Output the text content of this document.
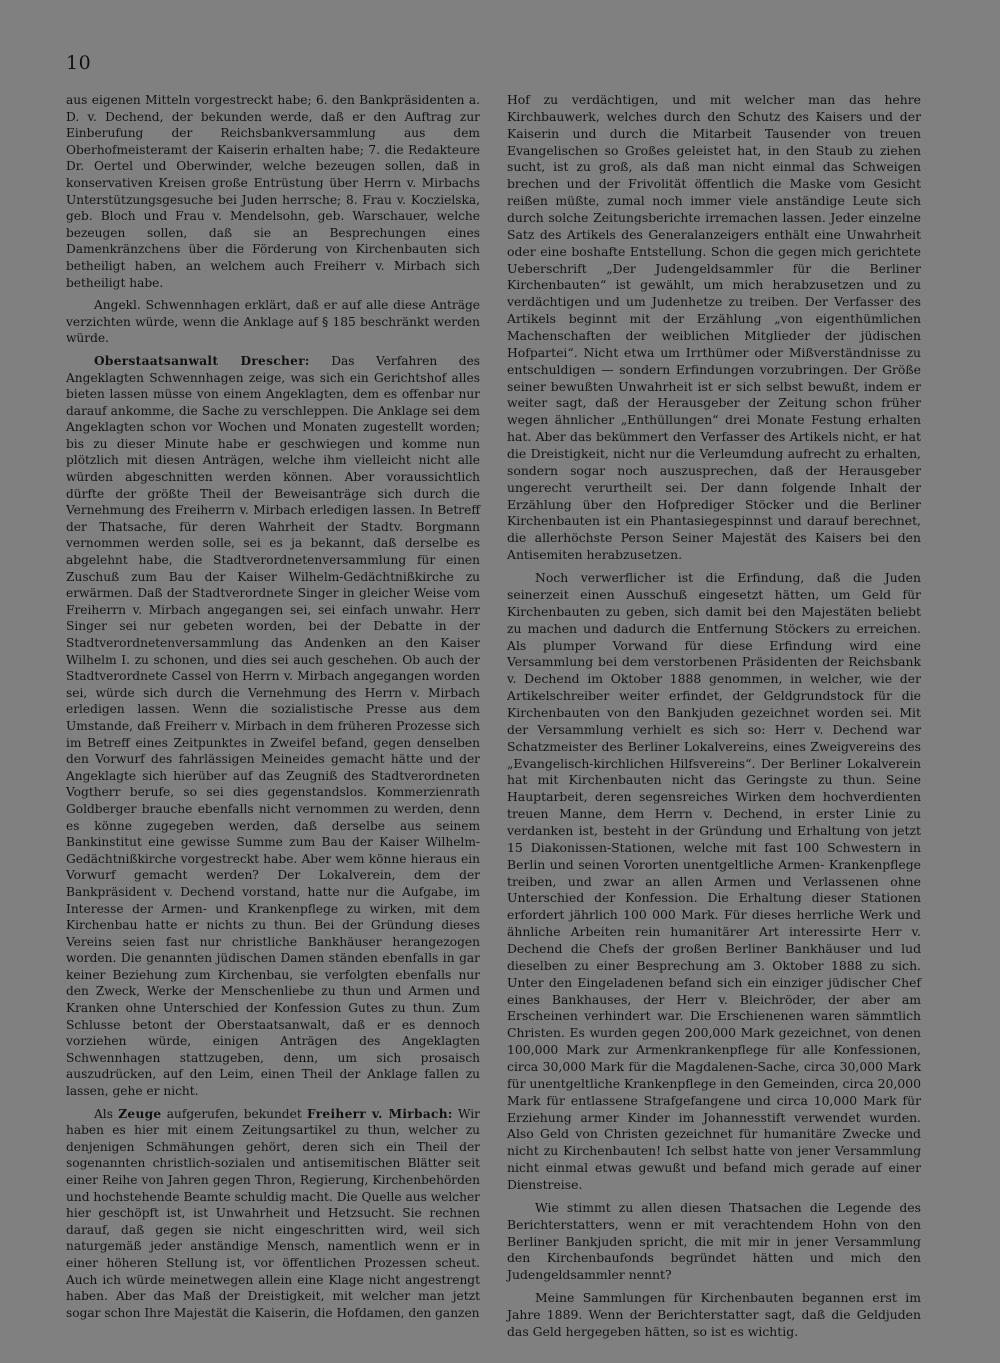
10

aus eigenen Mitteln vorgestreckt habe; 6. den Bankpräsidenten a. D. v. Dechend, der bekunden werde, daß er den Auftrag zur Einberufung der Reichsbankversammlung aus dem Oberhofmeisteramt der Kaiserin erhalten habe; 7. die Redakteure Dr. Oertel und Oberwinder, welche bezeugen sollen, daß in konservativen Kreisen große Entrüstung über Herrn v. Mirbachs Unterstützungsgesuche bei Juden herrsche; 8. Frau v. Koczielska, geb. Bloch und Frau v. Mendelsohn, geb. Warschauer, welche bezeugen sollen, daß sie an Besprechungen eines Damenkränzchens über die Förderung von Kirchenbauten sich betheiligt haben, an welchem auch Freiherr v. Mirbach sich betheiligt habe.

Angekl. Schwennhagen erklärt, daß er auf alle diese Anträge verzichten würde, wenn die Anklage auf § 185 beschränkt werden würde.

Oberstaatsanwalt Drescher: Das Verfahren des Angeklagten Schwennhagen zeige, was sich ein Gerichtshof alles bieten lassen müsse von einem Angeklagten, dem es offenbar nur darauf ankomme, die Sache zu verschleppen. Die Anklage sei dem Angeklagten schon vor Wochen und Monaten zugestellt worden; bis zu dieser Minute habe er geschwiegen und komme nun plötzlich mit diesen Anträgen, welche ihm vielleicht nicht alle würden abgeschnitten werden können. Aber voraussichtlich dürfte der größte Theil der Beweisanträge sich durch die Vernehmung des Freiherrn v. Mirbach erledigen lassen. In Betreff der Thatsache, für deren Wahrheit der Stadtv. Borgmann vernommen werden solle, sei es ja bekannt, daß derselbe es abgelehnt habe, die Stadtverordnetenversammlung für einen Zuschuß zum Bau der Kaiser Wilhelm-Gedächtnißkirche zu erwärmen. Daß der Stadtverordnete Singer in gleicher Weise vom Freiherrn v. Mirbach angegangen sei, sei einfach unwahr. Herr Singer sei nur gebeten worden, bei der Debatte in der Stadtverordnetenversammlung das Andenken an den Kaiser Wilhelm I. zu schonen, und dies sei auch geschehen. Ob auch der Stadtverordnete Cassel von Herrn v. Mirbach angegangen worden sei, würde sich durch die Vernehmung des Herrn v. Mirbach erledigen lassen. Wenn die sozialistische Presse aus dem Umstande, daß Freiherr v. Mirbach in dem früheren Prozesse sich im Betreff eines Zeitpunktes in Zweifel befand, gegen denselben den Vorwurf des fahrlässigen Meineides gemacht hätte und der Angeklagte sich hierüber auf das Zeugniß des Stadtverordneten Vogtherr berufe, so sei dies gegenstandslos. Kommerzienrath Goldberger brauche ebenfalls nicht vernommen zu werden, denn es könne zugegeben werden, daß derselbe aus seinem Bankinstitut eine gewisse Summe zum Bau der Kaiser Wilhelm-Gedächtnißkirche vorgestreckt habe. Aber wem könne hieraus ein Vorwurf gemacht werden? Der Lokalverein, dem der Bankpräsident v. Dechend vorstand, hatte nur die Aufgabe, im Interesse der Armen- und Krankenpflege zu wirken, mit dem Kirchenbau hatte er nichts zu thun. Bei der Gründung dieses Vereins seien fast nur christliche Bankhäuser herangezogen worden. Die genannten jüdischen Damen ständen ebenfalls in gar keiner Beziehung zum Kirchenbau, sie verfolgten ebenfalls nur den Zweck, Werke der Menschenliebe zu thun und Armen und Kranken ohne Unterschied der Konfession Gutes zu thun. Zum Schlusse betont der Oberstaatsanwalt, daß er es dennoch vorziehen würde, einigen Anträgen des Angeklagten Schwennhagen stattzugeben, denn, um sich prosaisch auszudrücken, auf den Leim, einen Theil der Anklage fallen zu lassen, gehe er nicht.

Als Zeuge aufgerufen, bekundet Freiherr v. Mirbach: Wir haben es hier mit einem Zeitungsartikel zu thun, welcher zu denjenigen Schmähungen gehört, deren sich ein Theil der sogenannten christlich-sozialen und antisemitischen Blätter seit einer Reihe von Jahren gegen Thron, Regierung, Kirchenbehörden und hochstehende Beamte schuldig macht. Die Quelle aus welcher hier geschöpft ist, ist Unwahrheit und Hetzsucht. Sie rechnen darauf, daß gegen sie nicht eingeschritten wird, weil sich naturgemäß jeder anständige Mensch, namentlich wenn er in einer höheren Stellung ist, vor öffentlichen Prozessen scheut. Auch ich würde meinetwegen allein eine Klage nicht angestrengt haben. Aber das Maß der Dreistigkeit, mit welcher man jetzt sogar schon Ihre Majestät die Kaiserin, die Hofdamen, den ganzen

Hof zu verdächtigen, und mit welcher man das hehre Kirchbauwerk, welches durch den Schutz des Kaisers und der Kaiserin und durch die Mitarbeit Tausender von treuen Evangelischen so Großes geleistet hat, in den Staub zu ziehen sucht, ist zu groß, als daß man nicht einmal das Schweigen brechen und der Frivolität öffentlich die Maske vom Gesicht reißen müßte, zumal noch immer viele anständige Leute sich durch solche Zeitungsberichte irremachen lassen. Jeder einzelne Satz des Artikels des Generalanzeigers enthält eine Unwahrheit oder eine boshafte Entstellung. Schon die gegen mich gerichtete Ueberschrift „Der Judengeldsammler für die Berliner Kirchenbauten“ ist gewählt, um mich herabzusetzen und zu verdächtigen und um Judenhetze zu treiben. Der Verfasser des Artikels beginnt mit der Erzählung „von eigenthümlichen Machenschaften der weiblichen Mitglieder der jüdischen Hofpartei“. Nicht etwa um Irrthümer oder Mißverständnisse zu entschuldigen — sondern Erfindungen vorzubringen. Der Größe seiner bewußten Unwahrheit ist er sich selbst bewußt, indem er weiter sagt, daß der Herausgeber der Zeitung schon früher wegen ähnlicher „Enthüllungen“ drei Monate Festung erhalten hat. Aber das bekümmert den Verfasser des Artikels nicht, er hat die Dreistigkeit, nicht nur die Verleumdung aufrecht zu erhalten, sondern sogar noch auszusprechen, daß der Herausgeber ungerecht verurtheilt sei. Der dann folgende Inhalt der Erzählung über den Hofprediger Stöcker und die Berliner Kirchenbauten ist ein Phantasiegespinnst und darauf berechnet, die allerhöchste Person Seiner Majestät des Kaisers bei den Antisemiten herabzusetzen.

Noch verwerflicher ist die Erfindung, daß die Juden seinerzeit einen Ausschuß eingesetzt hätten, um Geld für Kirchenbauten zu geben, sich damit bei den Majestäten beliebt zu machen und dadurch die Entfernung Stöckers zu erreichen. Als plumper Vorwand für diese Erfindung wird eine Versammlung bei dem verstorbenen Präsidenten der Reichsbank v. Dechend im Oktober 1888 genommen, in welcher, wie der Artikelschreiber weiter erfindet, der Geldgrundstock für die Kirchenbauten von den Bankjuden gezeichnet worden sei. Mit der Versammlung verhielt es sich so: Herr v. Dechend war Schatzmeister des Berliner Lokalvereins, eines Zweigvereins des „Evangelisch-kirchlichen Hilfsvereins“. Der Berliner Lokalverein hat mit Kirchenbauten nicht das Geringste zu thun. Seine Hauptarbeit, deren segensreiches Wirken dem hochverdienten treuen Manne, dem Herrn v. Dechend, in erster Linie zu verdanken ist, besteht in der Gründung und Erhaltung von jetzt 15 Diakonissen-Stationen, welche mit fast 100 Schwestern in Berlin und seinen Vororten unentgeltliche Armen- Krankenpflege treiben, und zwar an allen Armen und Verlassenen ohne Unterschied der Konfession. Die Erhaltung dieser Stationen erfordert jährlich 100 000 Mark. Für dieses herrliche Werk und ähnliche Arbeiten rein humanitärer Art interessirte Herr v. Dechend die Chefs der großen Berliner Bankhäuser und lud dieselben zu einer Besprechung am 3. Oktober 1888 zu sich. Unter den Eingeladenen befand sich ein einziger jüdischer Chef eines Bankhauses, der Herr v. Bleichröder, der aber am Erscheinen verhindert war. Die Erschienenen waren sämmtlich Christen. Es wurden gegen 200,000 Mark gezeichnet, von denen 100,000 Mark zur Armenkrankenpflege für alle Konfessionen, circa 30,000 Mark für die Magdalenen-Sache, circa 30,000 Mark für unentgeltliche Krankenpflege in den Gemeinden, circa 20,000 Mark für entlassene Strafgefangene und circa 10,000 Mark für Erziehung armer Kinder im Johannesstift verwendet wurden. Also Geld von Christen gezeichnet für humanitäre Zwecke und nicht zu Kirchenbauten! Ich selbst hatte von jener Versammlung nicht einmal etwas gewußt und befand mich gerade auf einer Dienstreise.

Wie stimmt zu allen diesen Thatsachen die Legende des Berichterstatters, wenn er mit verachtendem Hohn von den Berliner Bankjuden spricht, die mit mir in jener Versammlung den Kirchenbaufonds begründet hätten und mich den Judengeldsammler nennt?

Meine Sammlungen für Kirchenbauten begannen erst im Jahre 1889. Wenn der Berichterstatter sagt, daß die Geldjuden das Geld hergegeben hätten, so ist es wichtig.
